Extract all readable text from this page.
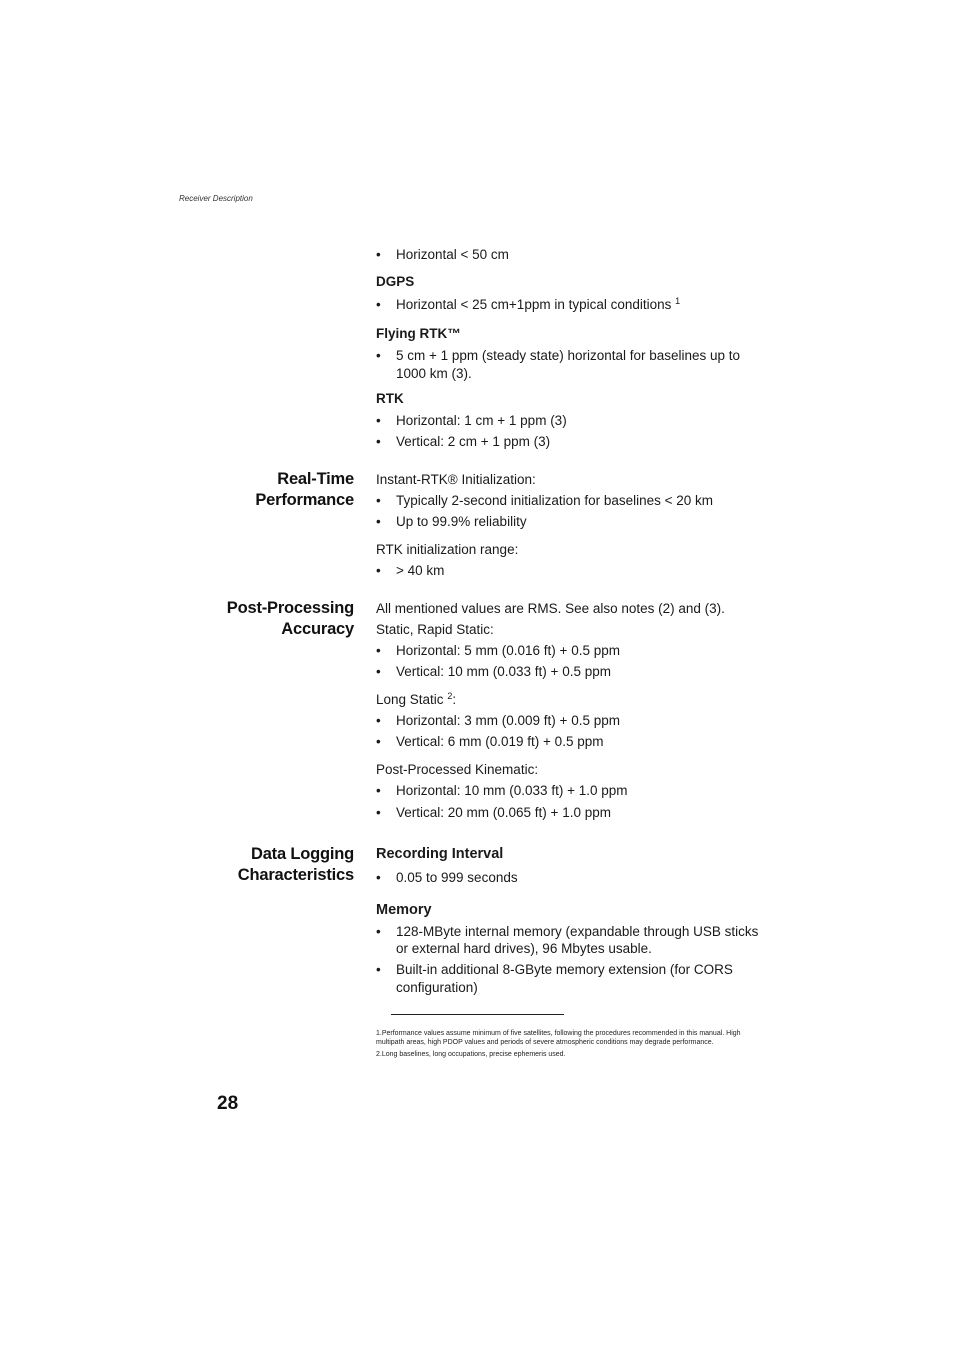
Receiver Description
• Horizontal < 50 cm

DGPS

• Horizontal < 25 cm+1ppm in typical conditions $^1$

Flying RTK™

• 5 cm + 1 ppm (steady state) horizontal for baselines up to 1000 km (3).

RTK

• Horizontal: 1 cm + 1 ppm (3)
• Vertical: 2 cm + 1 ppm (3)
Real-Time
Performance

Instant-RTK® Initialization:

• Typically 2-second initialization for baselines < 20 km
• Up to 99.9% reliability

RTK initialization range:

• > 40 km
Post-Processing
Accuracy

All mentioned values are RMS. See also notes (2) and (3).

Static, Rapid Static:

• Horizontal: 5 mm (0.016 ft) + 0.5 ppm
• Vertical: 10 mm (0.033 ft) + 0.5 ppm

Long Static $^2$:

• Horizontal: 3 mm (0.009 ft) + 0.5 ppm
• Vertical: 6 mm (0.019 ft) + 0.5 ppm

Post-Processed Kinematic:

• Horizontal: 10 mm (0.033 ft) + 1.0 ppm
• Vertical: 20 mm (0.065 ft) + 1.0 ppm
Data Logging
Characteristics

Recording Interval

• 0.05 to 999 seconds

Memory

• 128-MByte internal memory (expandable through USB sticks or external hard drives), 96 Mbytes usable.
• Built-in additional 8-GByte memory extension (for CORS configuration)

1.Performance values assume minimum of five satellites, following the procedures recommended in this manual. High multipath areas, high PDOP values and periods of severe atmospheric conditions may degrade performance.

2.Long baselines, long occupations, precise ephemeris used.

28
